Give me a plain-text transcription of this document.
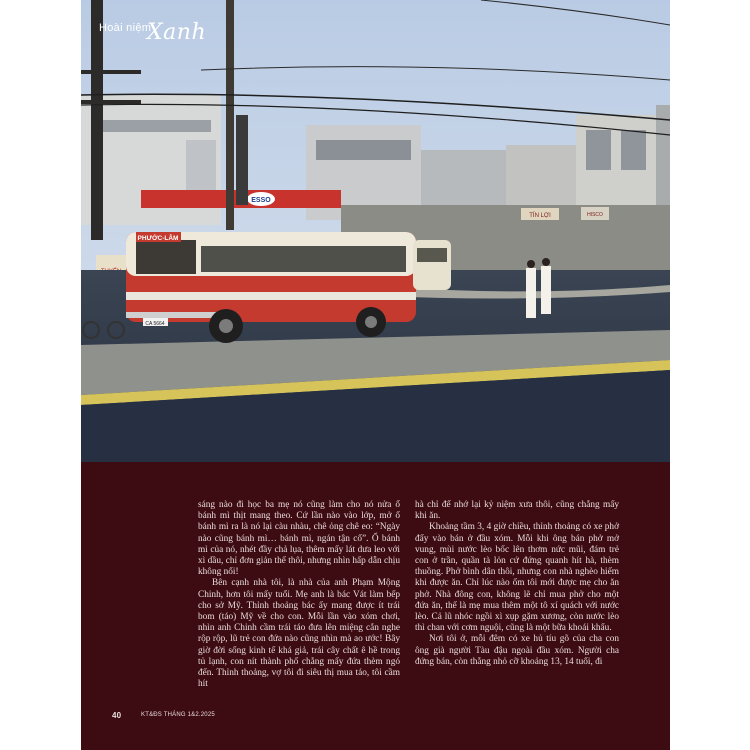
ESSO
TÍN LỢI	HISCO
PHƯỚC-LÂM
CA 5664
Hoài niệm
Xanh

sáng nào đi học ba mẹ nó cũng làm cho nó nửa ổ bánh mì thịt mang theo. Cứ lần nào vào lớp, mở ổ bánh mì ra là nó lại càu nhàu, chê ỏng chê eo: “Ngày nào cũng bánh mì… bánh mì, ngán tận cổ”. Ổ bánh mì của nó, nhét đầy chả lụa, thêm mấy lát dưa leo với xì dầu, chỉ đơn giản thế thôi, nhưng nhìn hấp dẫn chịu không nổi!

Bên cạnh nhà tôi, là nhà của anh Phạm Mộng Chinh, hơn tôi mấy tuổi. Mẹ anh là bác Vát làm bếp cho sở Mỹ. Thỉnh thoảng bác ấy mang được ít trái bom (táo) Mỹ về cho con. Mỗi lần vào xóm chơi, nhìn anh Chinh cầm trái táo đưa lên miệng cắn nghe rộp rộp, lũ trẻ con đứa nào cũng nhìn mà ao ước! Bây giờ đời sống kinh tế khá giả, trái cây chất ê hề trong tủ lạnh, con nít thành phố chẳng mấy đứa thèm ngó đến. Thỉnh thoảng, vợ tôi đi siêu thị mua táo, tôi cầm hít

hà chỉ để nhớ lại kỷ niệm xưa thôi, cũng chẳng mấy khi ăn.

Khoảng tầm 3, 4 giờ chiều, thỉnh thoảng có xe phở đẩy vào bán ở đầu xóm. Mỗi khi ông bán phở mở vung, mùi nước lèo bốc lên thơm nức mũi, đám trẻ con ở trần, quần tà lỏn cứ đứng quanh hít hà, thèm thuồng. Phở bình dân thôi, nhưng con nhà nghèo hiếm khi được ăn. Chỉ lúc nào ốm tôi mới được mẹ cho ăn phở. Nhà đông con, không lẽ chỉ mua phở cho một đứa ăn, thế là mẹ mua thêm một tô xí quách với nước lèo. Cả lũ nhóc ngồi xì xụp gặm xương, còn nước lèo thì chan với cơm nguội, cũng là một bữa khoái khẩu.

Nơi tôi ở, mỗi đêm có xe hủ tíu gõ của cha con ông già người Tàu đậu ngoài đầu xóm. Người cha đứng bán, còn thằng nhỏ cỡ khoảng 13, 14 tuổi, đi

40	KT&ĐS THÁNG 1&2.2025
